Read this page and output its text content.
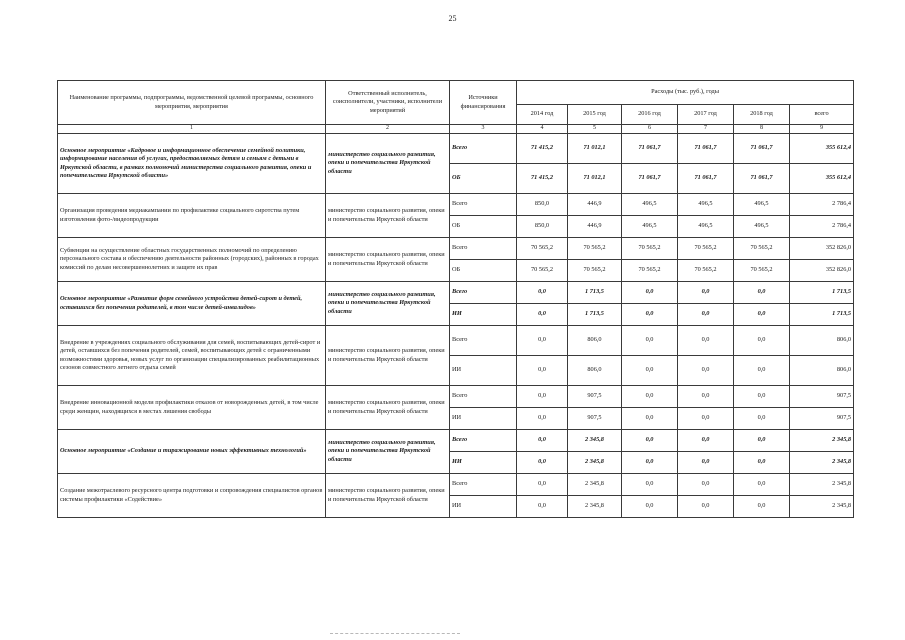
25
Наименование программы, подпрограммы, ведомственной целевой программы, основного мероприятия, мероприятия	Ответственный исполнитель, соисполнители, участники, исполнители мероприятий	Источники финансирования	Расходы (тыс. руб.), годы					
			2014 год	2015 год	2016 год	2017 год	2018 год	всего
1	2	3	4	5	6	7	8	9
Основное мероприятие «Кадровое и информационное обеспечение семейной политики, информирование населения об услугах, предоставляемых детям и семьям с детьми в Иркутской области, в рамках полномочий министерства социального развития, опеки и попечительства Иркутской области»	министерство социального развития, опеки и попечительства Иркутской области	Всего	71 415,2	71 012,1	71 061,7	71 061,7	71 061,7	355 612,4
		ОБ	71 415,2	71 012,1	71 061,7	71 061,7	71 061,7	355 612,4
Организация проведения медиакампании по профилактике социального сиротства путем изготовления фото-/видеопродукции	министерство социального развития, опеки и попечительства Иркутской области	Всего	850,0	446,9	496,5	496,5	496,5	2 786,4
		ОБ	850,0	446,9	496,5	496,5	496,5	2 786,4
Субвенции на осуществление областных государственных полномочий по определению персонального состава и обеспечению деятельности районных (городских), районных в городах комиссий по делам несовершеннолетних и защите их прав	министерство социального развития, опеки и попечительства Иркутской области	Всего	70 565,2	70 565,2	70 565,2	70 565,2	70 565,2	352 826,0
		ОБ	70 565,2	70 565,2	70 565,2	70 565,2	70 565,2	352 826,0
Основное мероприятие «Развитие форм семейного устройства детей-сирот и детей, оставшихся без попечения родителей, в том числе детей-инвалидов»	министерство социального развития, опеки и попечительства Иркутской области	Всего	0,0	1 713,5	0,0	0,0	0,0	1 713,5
		ИИ	0,0	1 713,5	0,0	0,0	0,0	1 713,5
Внедрение в учреждениях социального обслуживания для семей, воспитывающих детей-сирот и детей, оставшихся без попечения родителей, семей, воспитывающих детей с ограниченными возможностями здоровья, новых услуг по организации специализированных реабилитационных сезонов совместного летнего отдыха семей	министерство социального развития, опеки и попечительства Иркутской области	Всего	0,0	806,0	0,0	0,0	0,0	806,0
		ИИ	0,0	806,0	0,0	0,0	0,0	806,0
Внедрение инновационной модели профилактики отказов от новорожденных детей, в том числе среди женщин, находящихся в местах лишения свободы	министерство социального развития, опеки и попечительства Иркутской области	Всего	0,0	907,5	0,0	0,0	0,0	907,5
		ИИ	0,0	907,5	0,0	0,0	0,0	907,5
Основное мероприятие «Создание и тиражирование новых эффективных технологий»	министерство социального развития, опеки и попечительства Иркутской области	Всего	0,0	2 345,8	0,0	0,0	0,0	2 345,8
		ИИ	0,0	2 345,8	0,0	0,0	0,0	2 345,8
Создание межотраслевого ресурсного центра подготовки и сопровождения специалистов органов системы профилактики «Содействие»	министерство социального развития, опеки и попечительства Иркутской области	Всего	0,0	2 345,8	0,0	0,0	0,0	2 345,8
		ИИ	0,0	2 345,8	0,0	0,0	0,0	2 345,8
